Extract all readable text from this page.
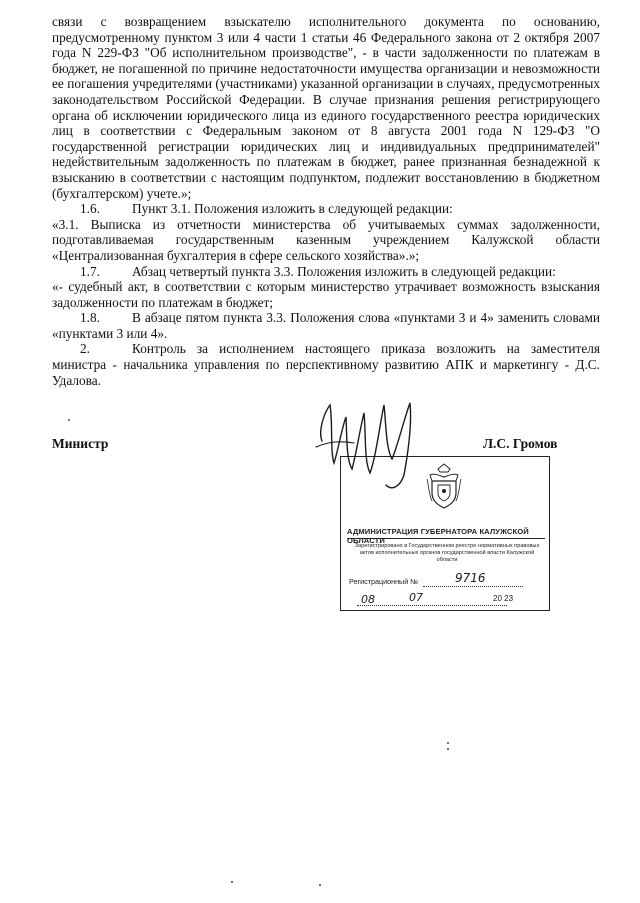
связи с возвращением взыскателю исполнительного документа по основанию, предусмотренному пунктом 3 или 4 части 1 статьи 46 Федерального закона от 2 октября 2007 года N 229-ФЗ "Об исполнительном производстве", - в части задолженности по платежам в бюджет, не погашенной по причине недостаточности имущества организации и невозможности ее погашения учредителями (участниками) указанной организации в случаях, предусмотренных законодательством Российской Федерации. В случае признания решения регистрирующего органа об исключении юридического лица из единого государственного реестра юридических лиц в соответствии с Федеральным законом от 8 августа 2001 года N 129-ФЗ "О государственной регистрации юридических лиц и индивидуальных предпринимателей" недействительным задолженность по платежам в бюджет, ранее признанная безнадежной к взысканию в соответствии с настоящим подпунктом, подлежит восстановлению в бюджетном (бухгалтерском) учете.»;

1.6. Пункт 3.1. Положения изложить в следующей редакции:

«3.1. Выписка из отчетности министерства об учитываемых суммах задолженности, подготавливаемая государственным казенным учреждением Калужской области «Централизованная бухгалтерия в сфере сельского хозяйства».»;

1.7. Абзац четвертый пункта 3.3. Положения изложить в следующей редакции:

«- судебный акт, в соответствии с которым министерство утрачивает возможность взыскания задолженности по платежам в бюджет;

1.8. В абзаце пятом пункта 3.3. Положения слова «пунктами 3 и 4» заменить словами «пунктами 3 или 4».

2.	Контроль за исполнением настоящего приказа возложить на заместителя министра - начальника управления по перспективному развитию АПК и маркетингу - Д.С. Удалова.

Министр	Л.С. Громов
АДМИНИСТРАЦИЯ ГУБЕРНАТОРА КАЛУЖСКОЙ ОБЛАСТИ
Зарегистрировано в Государственном реестре нормативных правовых актов исполнительных органов государственной власти Калужской области
Регистрационный №	9716
08	07	20 23
